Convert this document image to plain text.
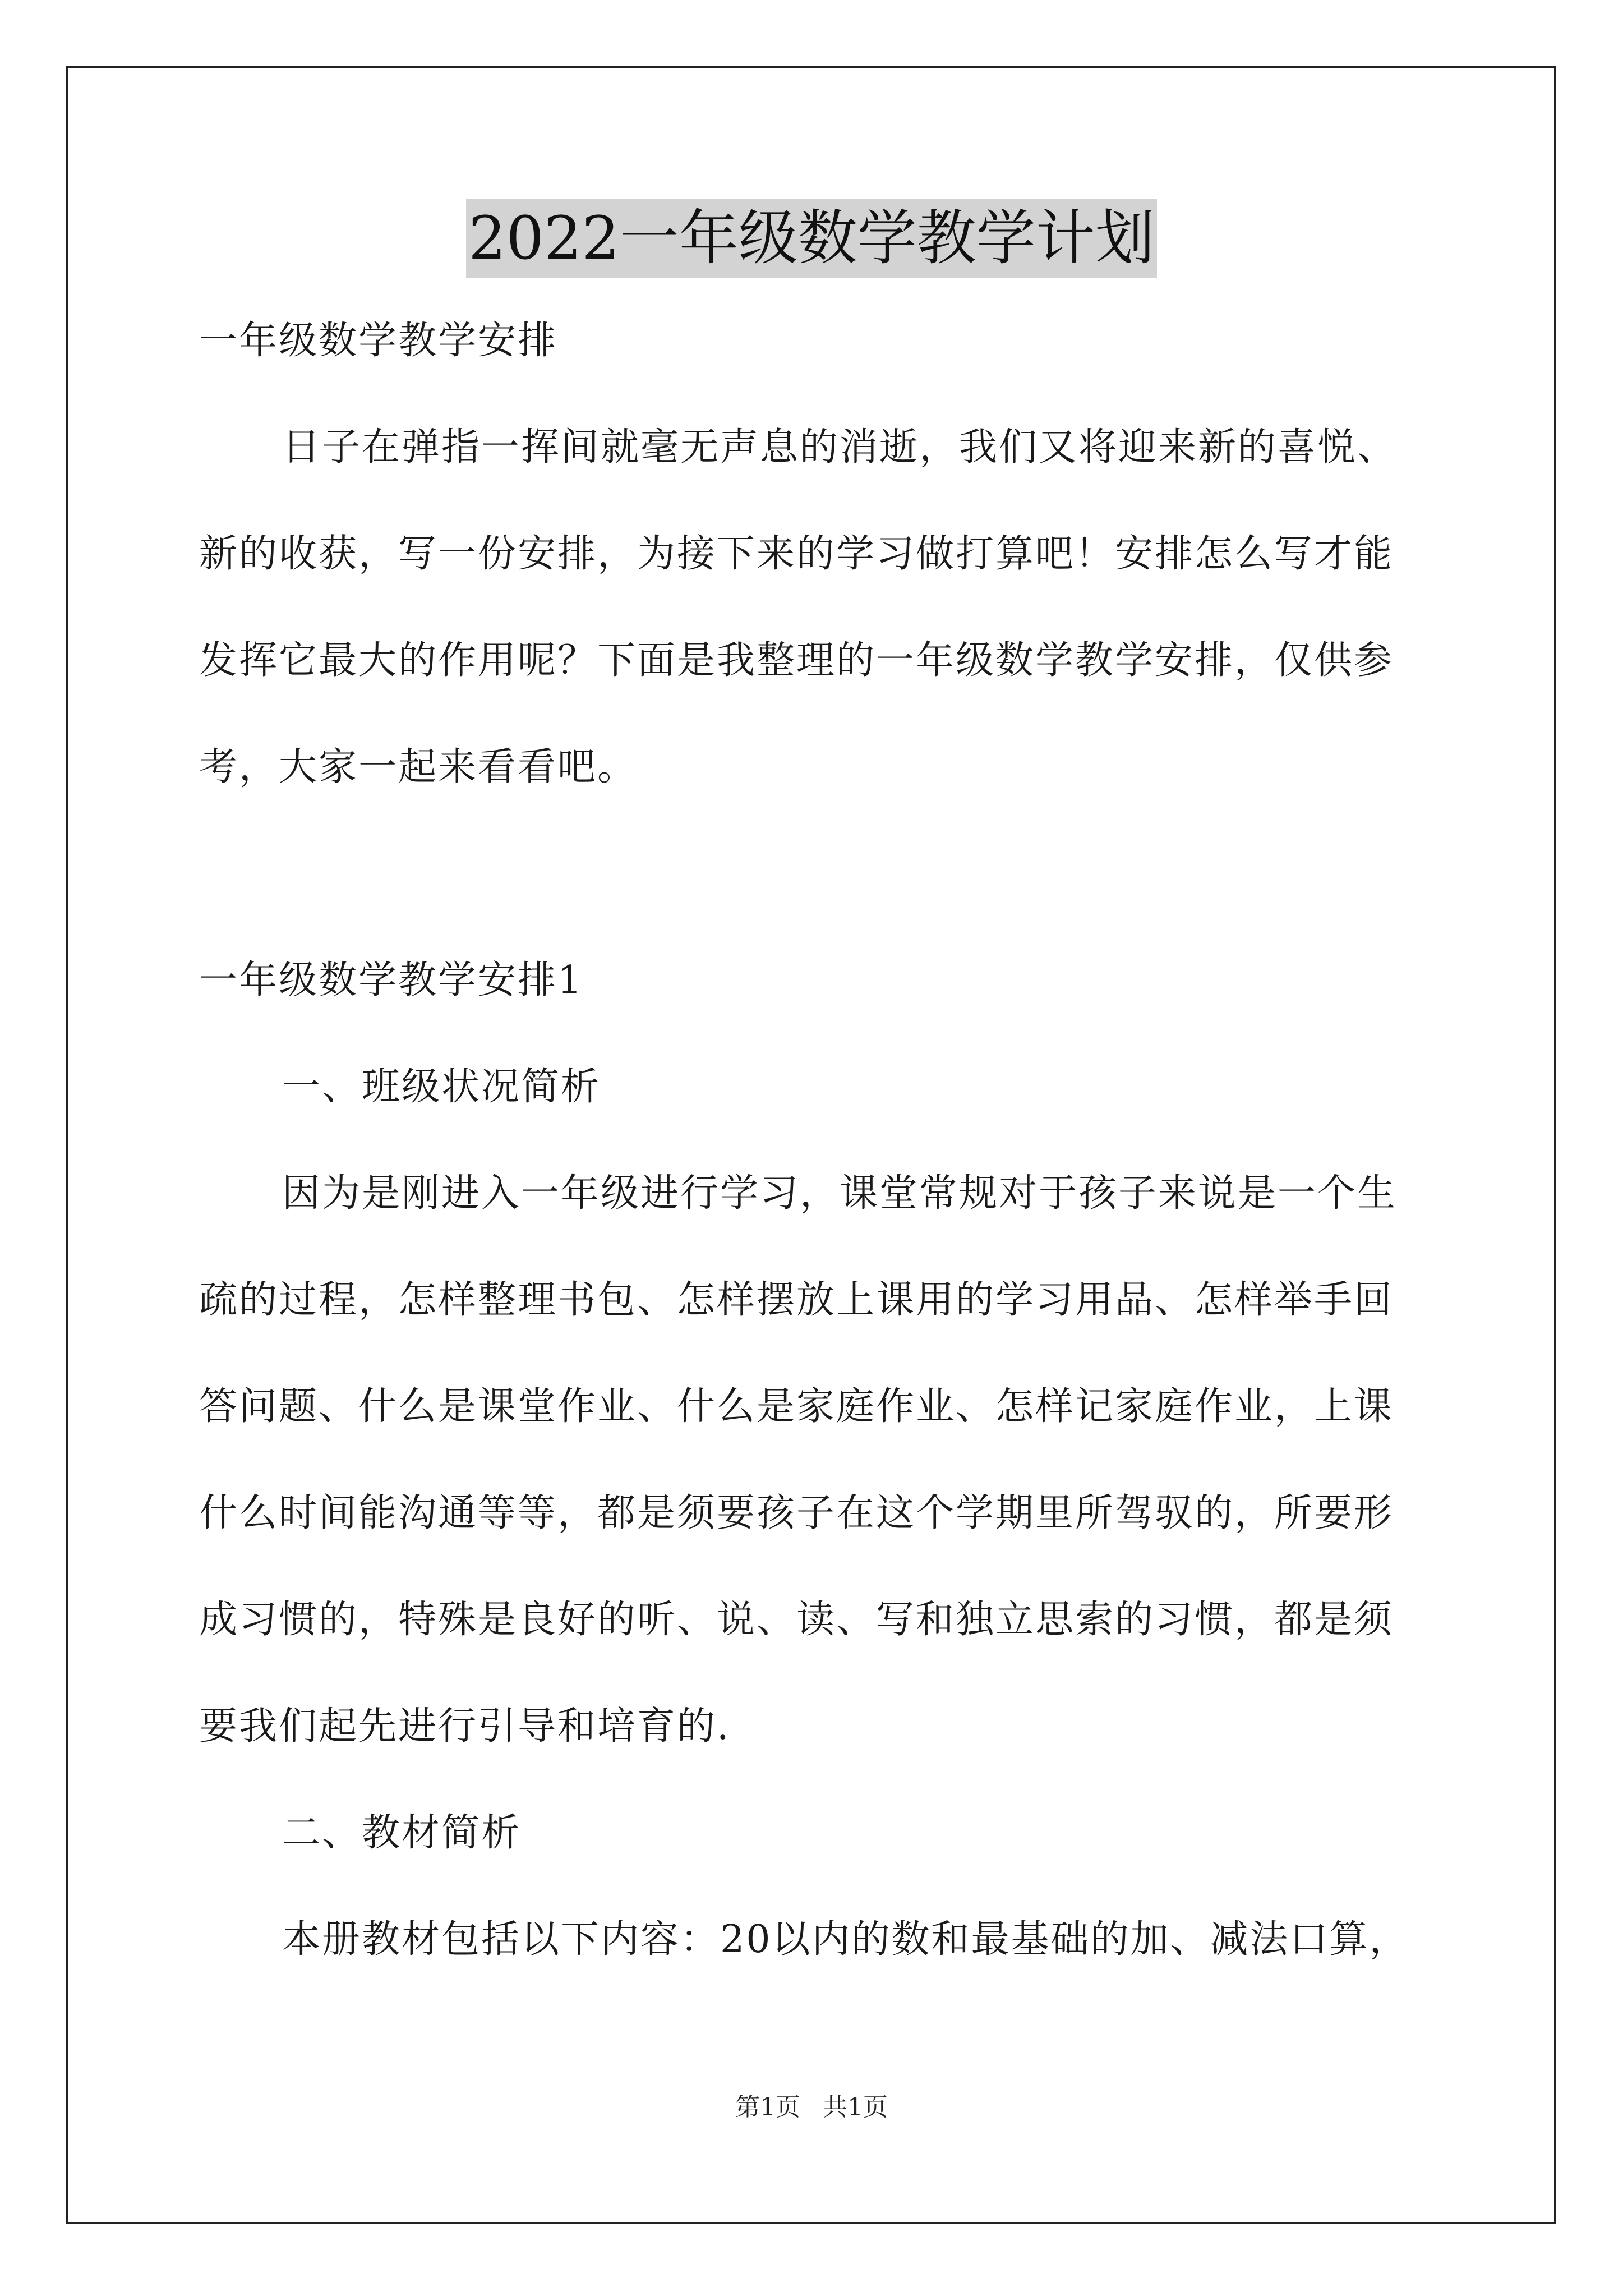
2022一年级数学教学计划
一年级数学教学安排
日子在弹指一挥间就毫无声息的消逝，我们又将迎来新的喜悦、
新的收获，写一份安排，为接下来的学习做打算吧！安排怎么写才能
发挥它最大的作用呢？下面是我整理的一年级数学教学安排，仅供参
考，大家一起来看看吧。
一年级数学教学安排1
一、班级状况简析
因为是刚进入一年级进行学习，课堂常规对于孩子来说是一个生
疏的过程，怎样整理书包、怎样摆放上课用的学习用品、怎样举手回
答问题、什么是课堂作业、什么是家庭作业、怎样记家庭作业，上课
什么时间能沟通等等，都是须要孩子在这个学期里所驾驭的，所要形
成习惯的，特殊是良好的听、说、读、写和独立思索的习惯，都是须
要我们起先进行引导和培育的.
二、教材简析
本册教材包括以下内容：20以内的数和最基础的加、减法口算，
第1页 共1页
